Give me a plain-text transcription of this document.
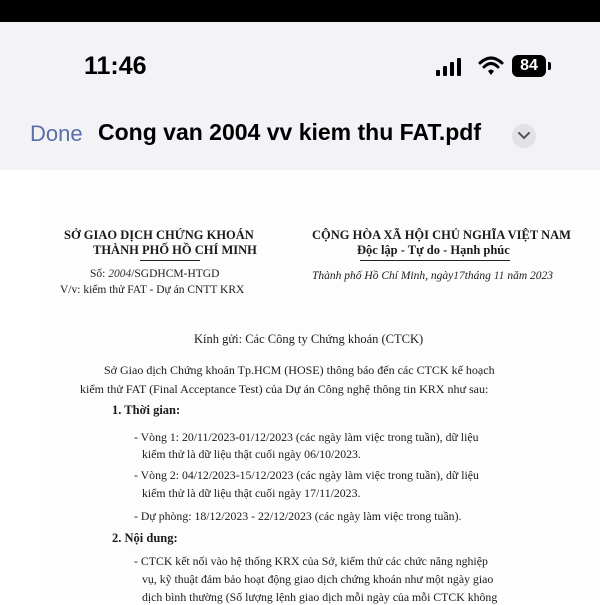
11:46	84
Done Cong van 2004 vv kiem thu FAT.pdf
SỞ GIAO DỊCH CHỨNG KHOÁN
THÀNH PHỐ HỒ CHÍ MINH
CỘNG HÒA XÃ HỘI CHỦ NGHĨA VIỆT NAM
Độc lập - Tự do - Hạnh phúc
Số: 2004/SGDHCM-HTGD
V/v: kiểm thử FAT - Dự án CNTT KRX
Thành phố Hồ Chí Minh, ngày17tháng 11 năm 2023
Kính gửi: Các Công ty Chứng khoán (CTCK)
Sở Giao dịch Chứng khoán Tp.HCM (HOSE) thông báo đến các CTCK kế hoạch
kiểm thử FAT (Final Acceptance Test) của Dự án Công nghệ thông tin KRX như sau:
1. Thời gian:
- Vòng 1: 20/11/2023-01/12/2023 (các ngày làm việc trong tuần), dữ liệu
kiểm thử là dữ liệu thật cuối ngày 06/10/2023.
- Vòng 2: 04/12/2023-15/12/2023 (các ngày làm việc trong tuần), dữ liệu
kiểm thử là dữ liệu thật cuối ngày 17/11/2023.
- Dự phòng: 18/12/2023 - 22/12/2023 (các ngày làm việc trong tuần).
2. Nội dung:
- CTCK kết nối vào hệ thống KRX của Sở, kiểm thử các chức năng nghiệp
vụ, kỹ thuật đảm bảo hoạt động giao dịch chứng khoán như một ngày giao
dịch bình thường (Số lượng lệnh giao dịch mỗi ngày của mỗi CTCK không
